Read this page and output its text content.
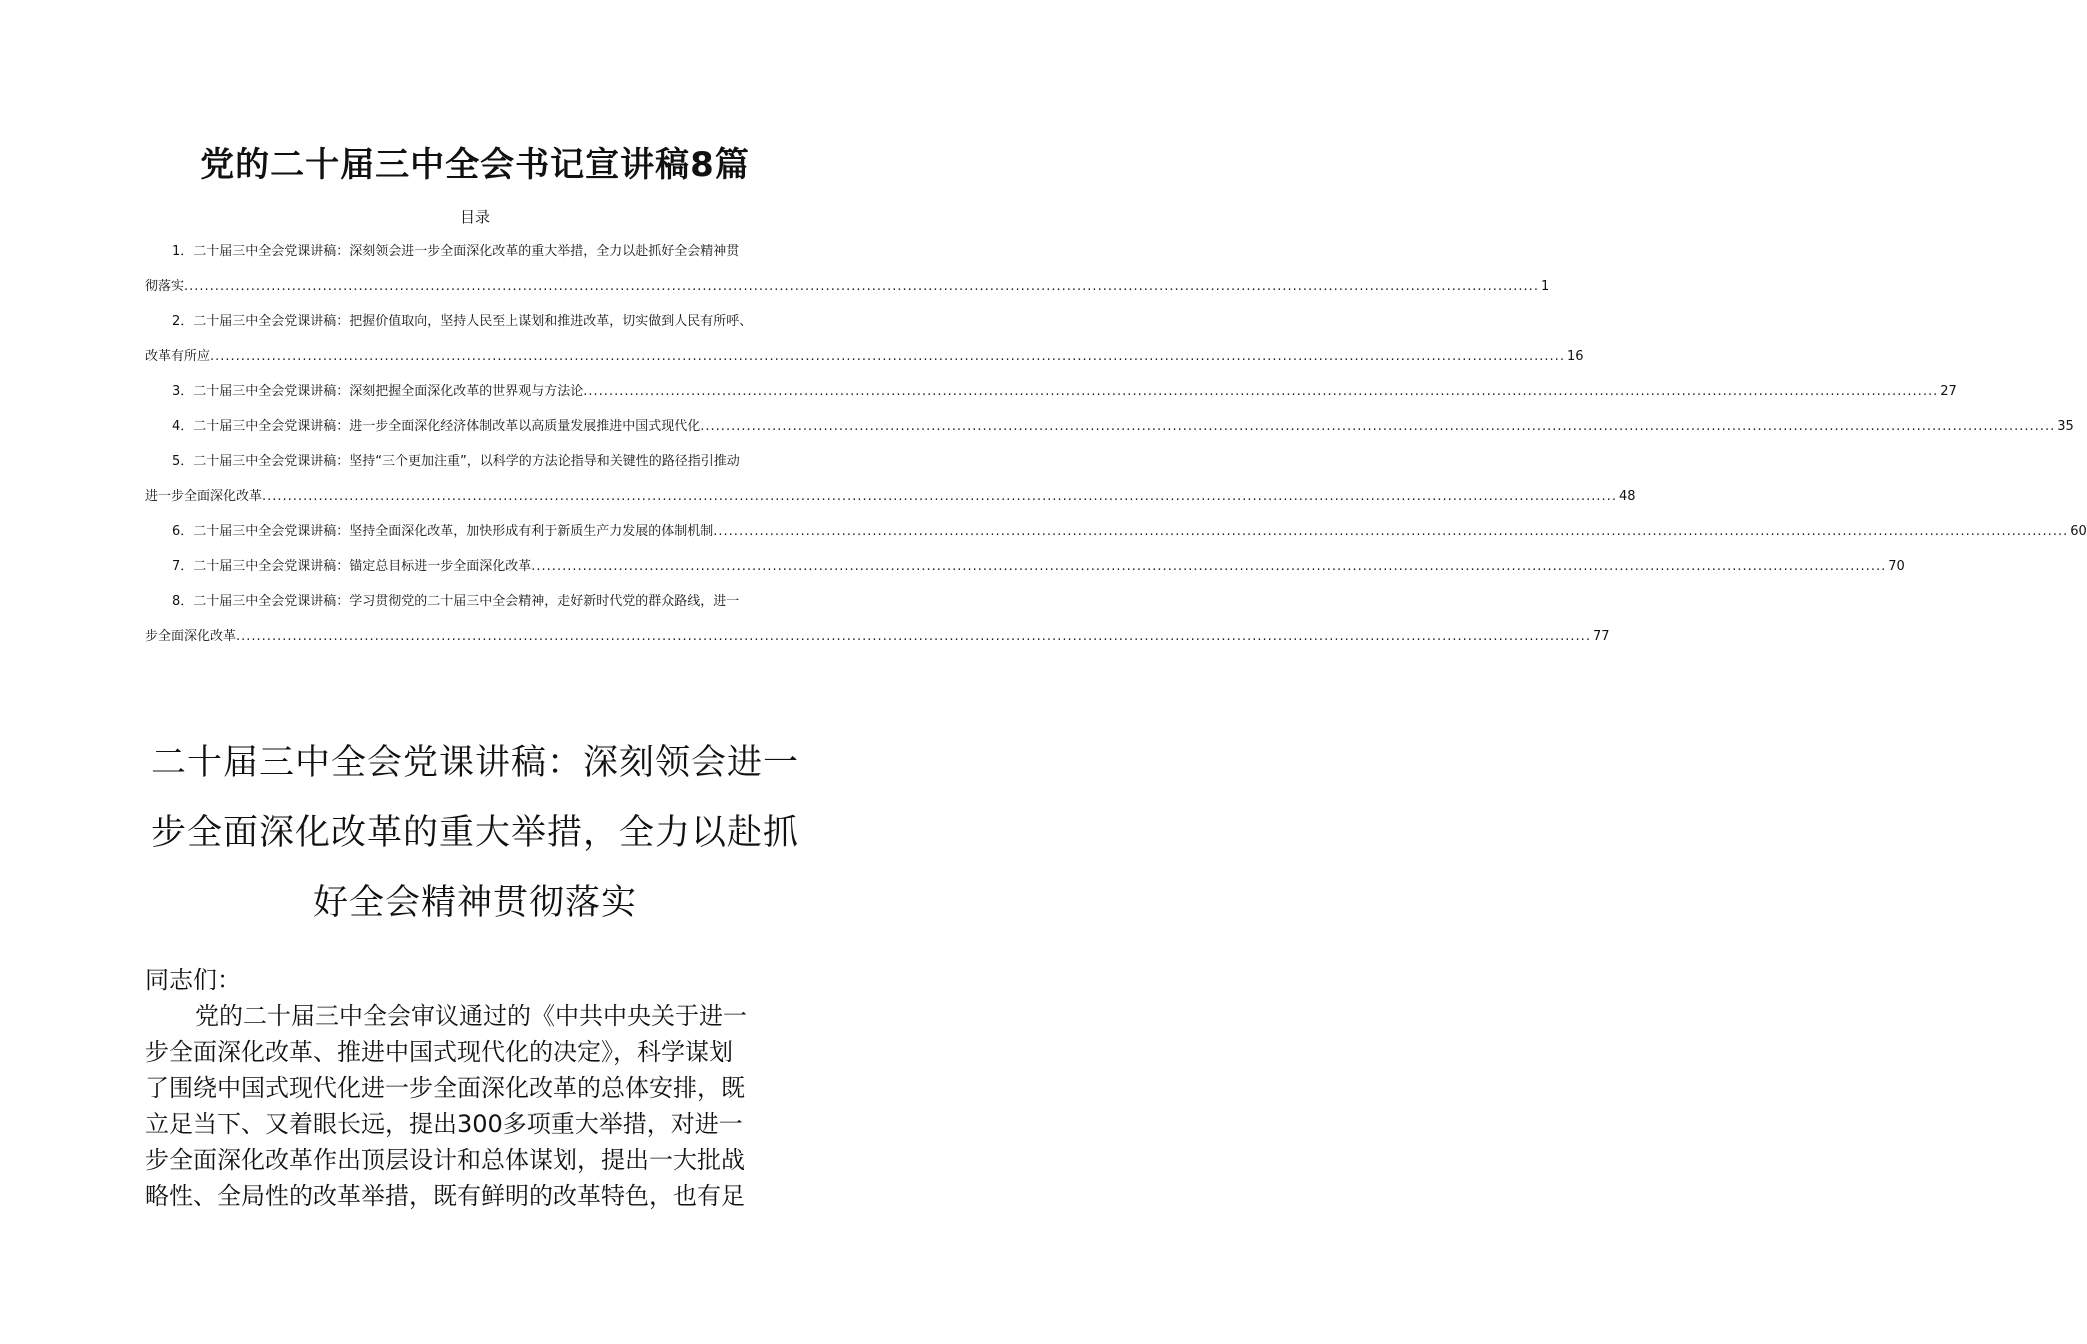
党的二十届三中全会书记宣讲稿8篇
目录
1．二十届三中全会党课讲稿：深刻领会进一步全面深化改革的重大举措，全力以赴抓好全会精神贯
彻落实 ........................................................................................................................................................................................................................................................................ 1
2．二十届三中全会党课讲稿：把握价值取向，坚持人民至上谋划和推进改革，切实做到人民有所呼、
改革有所应 ........................................................................................................................................................................................................................................................................ 16
3．二十届三中全会党课讲稿：深刻把握全面深化改革的世界观与方法论 ........................................................................................................................................................................................................................................................................ 27
4．二十届三中全会党课讲稿：进一步全面深化经济体制改革以高质量发展推进中国式现代化 ........................................................................................................................................................................................................................................................................ 35
5．二十届三中全会党课讲稿：坚持“三个更加注重”，以科学的方法论指导和关键性的路径指引推动
进一步全面深化改革 ........................................................................................................................................................................................................................................................................ 48
6．二十届三中全会党课讲稿：坚持全面深化改革，加快形成有利于新质生产力发展的体制机制 ........................................................................................................................................................................................................................................................................ 60
7．二十届三中全会党课讲稿：锚定总目标进一步全面深化改革 ........................................................................................................................................................................................................................................................................ 70
8．二十届三中全会党课讲稿：学习贯彻党的二十届三中全会精神，走好新时代党的群众路线，进一
步全面深化改革 ........................................................................................................................................................................................................................................................................ 77
二十届三中全会党课讲稿：深刻领会进一
步全面深化改革的重大举措，全力以赴抓
好全会精神贯彻落实
同志们：
党的二十届三中全会审议通过的《中共中央关于进一
步全面深化改革、推进中国式现代化的决定》，科学谋划
了围绕中国式现代化进一步全面深化改革的总体安排，既
立足当下、又着眼长远，提出300多项重大举措，对进一
步全面深化改革作出顶层设计和总体谋划，提出一大批战
略性、全局性的改革举措，既有鲜明的改革特色，也有足
